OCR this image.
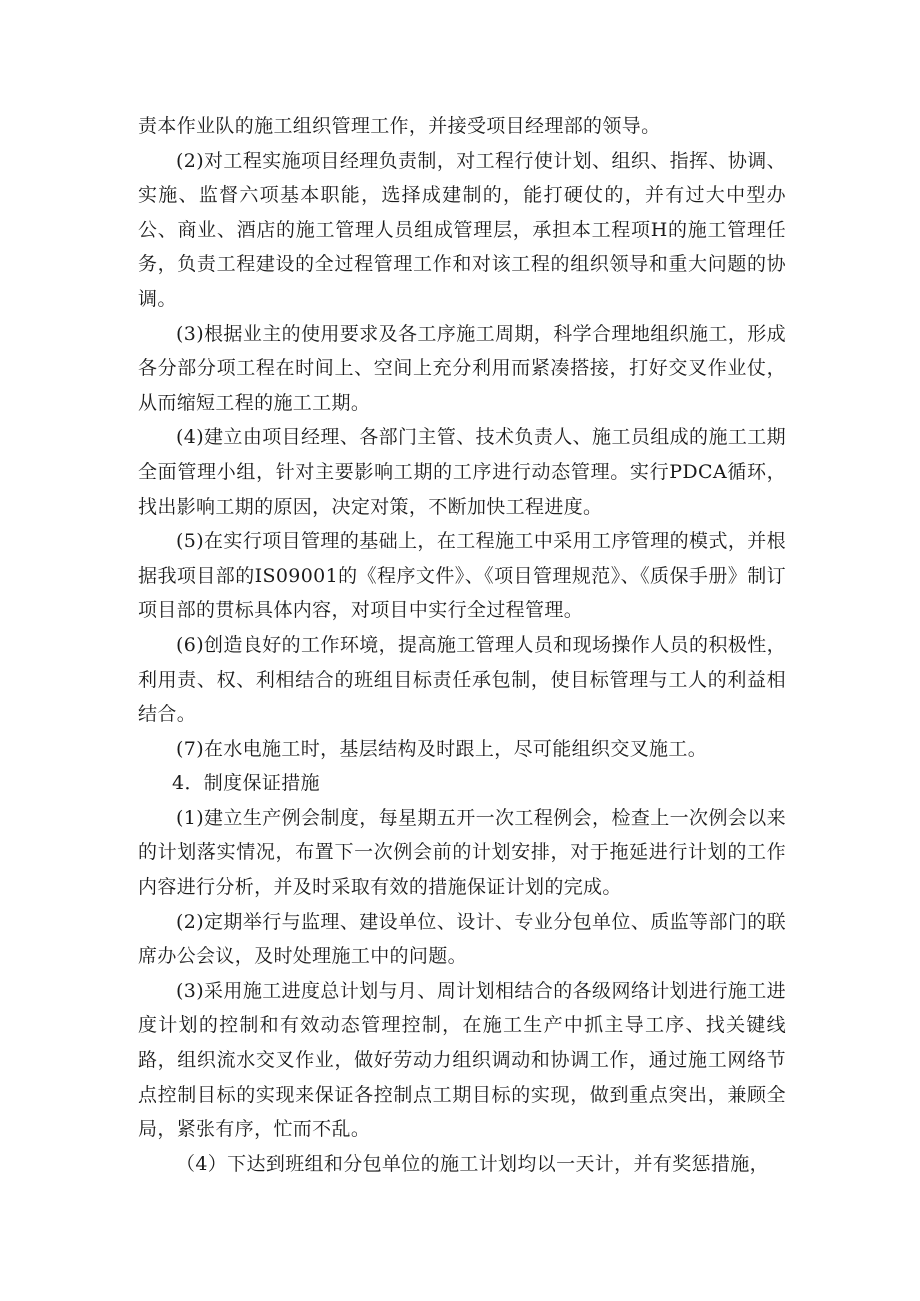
责本作业队的施工组织管理工作，并接受项目经理部的领导。

(2)对工程实施项目经理负责制，对工程行使计划、组织、指挥、协调、实施、监督六项基本职能，选择成建制的，能打硬仗的，并有过大中型办公、商业、酒店的施工管理人员组成管理层，承担本工程项H的施工管理任务，负责工程建设的全过程管理工作和对该工程的组织领导和重大问题的协调。

(3)根据业主的使用要求及各工序施工周期，科学合理地组织施工，形成各分部分项工程在时间上、空间上充分利用而紧凑搭接，打好交叉作业仗，从而缩短工程的施工工期。

(4)建立由项目经理、各部门主管、技术负责人、施工员组成的施工工期全面管理小组，针对主要影响工期的工序进行动态管理。实行PDCA循环，找出影响工期的原因，决定对策，不断加快工程进度。

(5)在实行项目管理的基础上，在工程施工中采用工序管理的模式，并根据我项目部的IS09001的《程序文件》、《项目管理规范》、《质保手册》制订项目部的贯标具体内容，对项目中实行全过程管理。

(6)创造良好的工作环境，提高施工管理人员和现场操作人员的积极性，利用责、权、利相结合的班组目标责任承包制，使目标管理与工人的利益相结合。

(7)在水电施工时，基层结构及时跟上，尽可能组织交叉施工。

4．制度保证措施

(1)建立生产例会制度，每星期五开一次工程例会，检查上一次例会以来的计划落实情况，布置下一次例会前的计划安排，对于拖延进行计划的工作内容进行分析，并及时采取有效的措施保证计划的完成。

(2)定期举行与监理、建设单位、设计、专业分包单位、质监等部门的联席办公会议，及时处理施工中的问题。

(3)采用施工进度总计划与月、周计划相结合的各级网络计划进行施工进度计划的控制和有效动态管理控制，在施工生产中抓主导工序、找关键线路，组织流水交叉作业，做好劳动力组织调动和协调工作，通过施工网络节点控制目标的实现来保证各控制点工期目标的实现，做到重点突出，兼顾全局，紧张有序，忙而不乱。

（4）下达到班组和分包单位的施工计划均以一天计，并有奖惩措施，
